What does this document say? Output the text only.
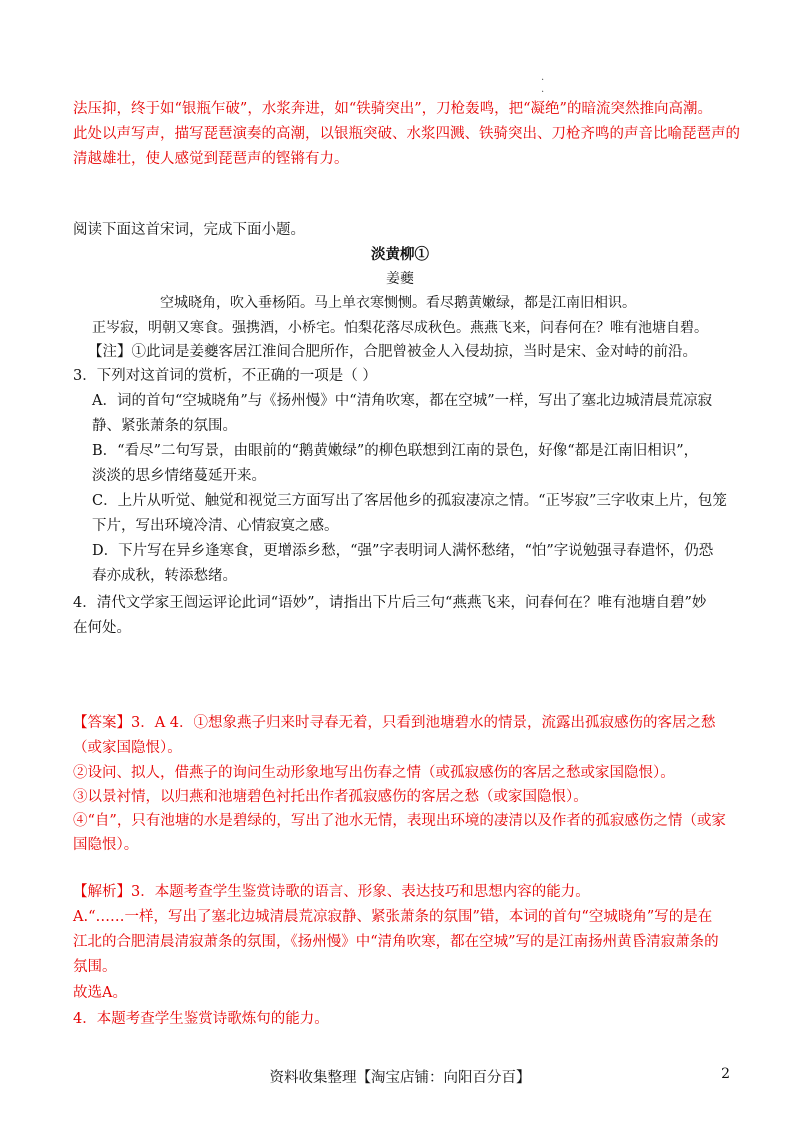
.
.
法压抑，终于如“银瓶乍破”，水浆奔进，如“铁骑突出”，刀枪轰鸣，把“凝绝”的暗流突然推向高潮。
此处以声写声，描写琵琶演奏的高潮，以银瓶突破、水浆四溅、铁骑突出、刀枪齐鸣的声音比喻琵琶声的
清越雄壮，使人感觉到琵琶声的铿锵有力。
阅读下面这首宋词，完成下面小题。
淡黄柳①
姜夔
空城晓角，吹入垂杨陌。马上单衣寒恻恻。看尽鹅黄嫩绿，都是江南旧相识。
正岑寂，明朝又寒食。强携酒，小桥宅。怕梨花落尽成秋色。燕燕飞来，问春何在？唯有池塘自碧。
【注】①此词是姜夔客居江淮间合肥所作，合肥曾被金人入侵劫掠，当时是宋、金对峙的前沿。
3．下列对这首词的赏析，不正确的一项是（ ）
A．词的首句“空城晓角”与《扬州慢》中“清角吹寒，都在空城”一样，写出了塞北边城清晨荒凉寂
静、紧张萧条的氛围。
B．“看尽”二句写景，由眼前的“鹅黄嫩绿”的柳色联想到江南的景色，好像“都是江南旧相识”，
淡淡的思乡情绪蔓延开来。
C．上片从听觉、触觉和视觉三方面写出了客居他乡的孤寂凄凉之情。“正岑寂”三字收束上片，包笼
下片，写出环境冷清、心情寂寞之感。
D．下片写在异乡逢寒食，更增添乡愁，“强”字表明词人满怀愁绪，“怕”字说勉强寻春遣怀，仍恐
春亦成秋，转添愁绪。
4．清代文学家王闿运评论此词“语妙”，请指出下片后三句“燕燕飞来，问春何在？唯有池塘自碧”妙
在何处。
【答案】3．A 4．①想象燕子归来时寻春无着，只看到池塘碧水的情景，流露出孤寂感伤的客居之愁
（或家国隐恨）。
②设问、拟人，借燕子的询问生动形象地写出伤春之情（或孤寂感伤的客居之愁或家国隐恨）。
③以景衬情，以归燕和池塘碧色衬托出作者孤寂感伤的客居之愁（或家国隐恨）。
④“自”，只有池塘的水是碧绿的，写出了池水无情，表现出环境的凄清以及作者的孤寂感伤之情（或家
国隐恨）。
【解析】3．本题考查学生鉴赏诗歌的语言、形象、表达技巧和思想内容的能力。
A.“……一样，写出了塞北边城清晨荒凉寂静、紧张萧条的氛围”错，本词的首句“空城晓角”写的是在
江北的合肥清晨清寂萧条的氛围，《扬州慢》中“清角吹寒，都在空城”写的是江南扬州黄昏清寂萧条的
氛围。
故选A。
4．本题考查学生鉴赏诗歌炼句的能力。
资料收集整理【淘宝店铺：向阳百分百】	2
